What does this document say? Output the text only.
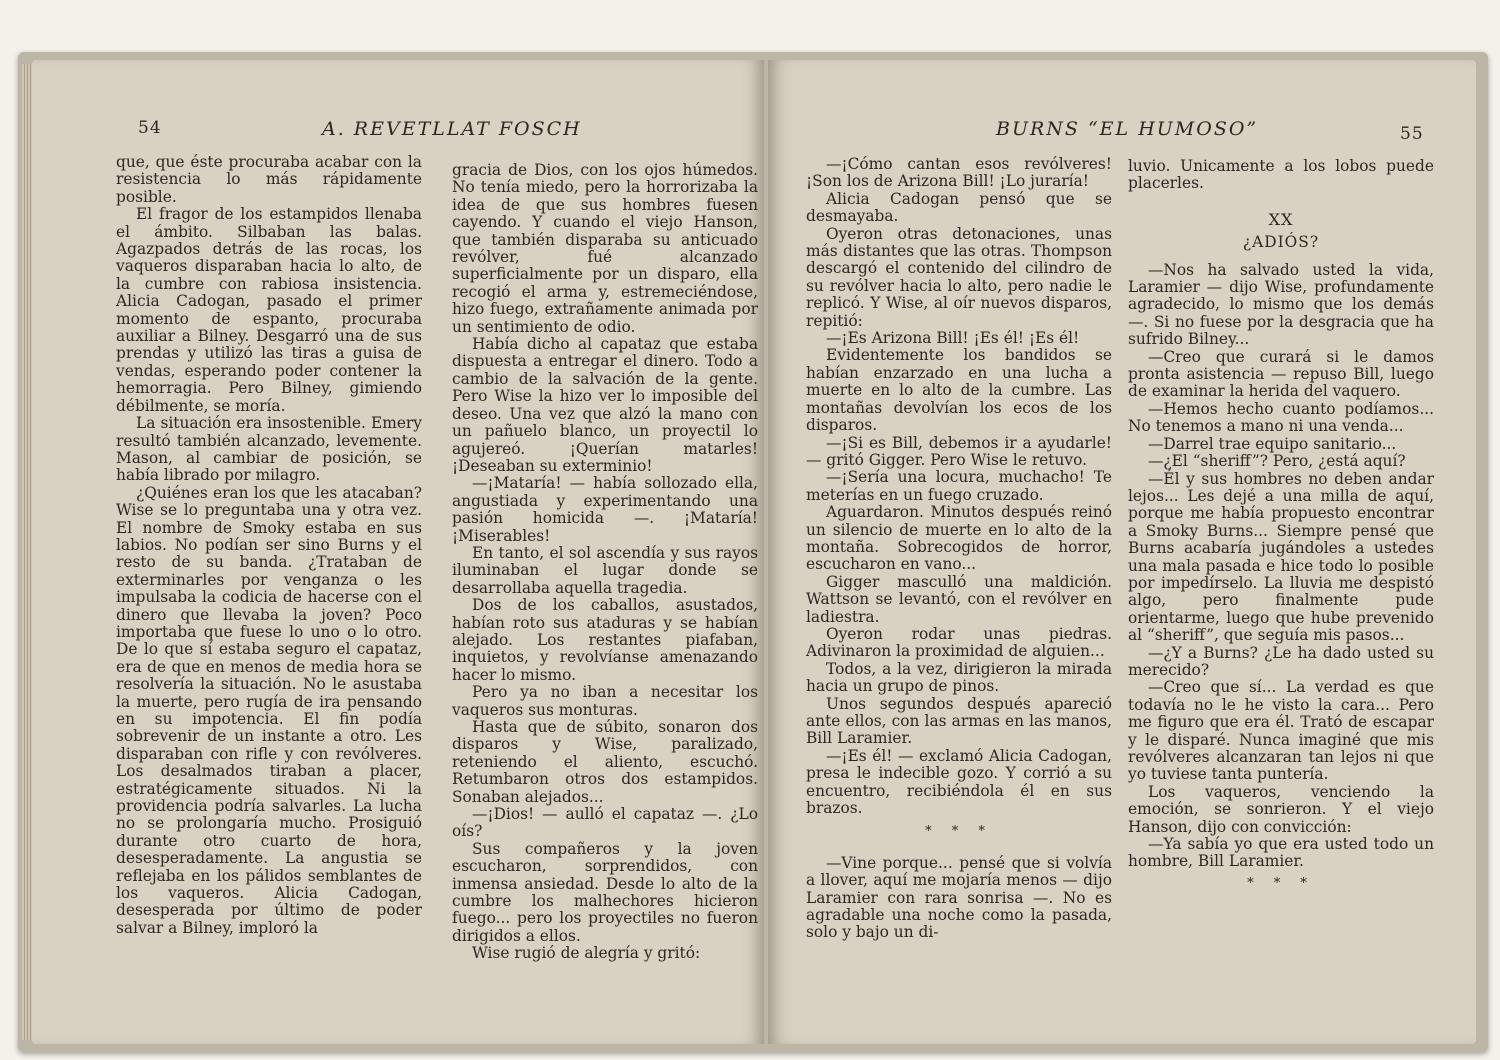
54	A. REVETLLAT FOSCH

que, que éste procuraba acabar con la resistencia lo más rápidamente posible.

El fragor de los estampidos llenaba el ámbito. Silbaban las balas. Agazpados detrás de las rocas, los vaqueros disparaban hacia lo alto, de la cumbre con rabiosa insistencia. Alicia Cadogan, pasado el primer momento de espanto, procuraba auxiliar a Bilney. Desgarró una de sus prendas y utilizó las tiras a guisa de vendas, esperando poder contener la hemorragia. Pero Bilney, gimiendo débilmente, se moría.

La situación era insostenible. Emery resultó también alcanzado, levemente. Mason, al cambiar de posición, se había librado por milagro.

¿Quiénes eran los que les atacaban? Wise se lo preguntaba una y otra vez. El nombre de Smoky estaba en sus labios. No podían ser sino Burns y el resto de su banda. ¿Trataban de exterminarles por venganza o les impulsaba la codicia de hacerse con el dinero que llevaba la joven? Poco importaba que fuese lo uno o lo otro. De lo que sí estaba seguro el capataz, era de que en menos de media hora se resolvería la situación. No le asustaba la muerte, pero rugía de ira pensando en su impotencia. El fin podía sobrevenir de un instante a otro. Les disparaban con rifle y con revólveres. Los desalmados tiraban a placer, estratégicamente situados. Ni la providencia podría salvarles. La lucha no se prolongaría mucho. Prosiguió durante otro cuarto de hora, desesperadamente. La angustia se reflejaba en los pálidos semblantes de los vaqueros. Alicia Cadogan, desesperada por último de poder salvar a Bilney, imploró la

gracia de Dios, con los ojos húmedos. No tenía miedo, pero la horrorizaba la idea de que sus hombres fuesen cayendo. Y cuando el viejo Hanson, que también disparaba su anticuado revólver, fué alcanzado superficialmente por un disparo, ella recogió el arma y, estremeciéndose, hizo fuego, extrañamente animada por un sentimiento de odio.

Había dicho al capataz que estaba dispuesta a entregar el dinero. Todo a cambio de la salvación de la gente. Pero Wise la hizo ver lo imposible del deseo. Una vez que alzó la mano con un pañuelo blanco, un proyectil lo agujereó. ¡Querían matarles! ¡Deseaban su exterminio!

—¡Mataría! — había sollozado ella, angustiada y experimentando una pasión homicida —. ¡Mataría! ¡Miserables!

En tanto, el sol ascendía y sus rayos iluminaban el lugar donde se desarrollaba aquella tragedia.

Dos de los caballos, asustados, habían roto sus ataduras y se habían alejado. Los restantes piafaban, inquietos, y revolvíanse amenazando hacer lo mismo.

Pero ya no iban a necesitar los vaqueros sus monturas.

Hasta que de súbito, sonaron dos disparos y Wise, paralizado, reteniendo el aliento, escuchó. Retumbaron otros dos estampidos. Sonaban alejados...

—¡Dios! — aulló el capataz —. ¿Lo oís?

Sus compañeros y la joven escucharon, sorprendidos, con inmensa ansiedad. Desde lo alto de la cumbre los malhechores hicieron fuego... pero los proyectiles no fueron dirigidos a ellos.

Wise rugió de alegría y gritó:

BURNS “EL HUMOSO”	55

—¡Cómo cantan esos revólveres! ¡Son los de Arizona Bill! ¡Lo juraría!

Alicia Cadogan pensó que se desmayaba.

Oyeron otras detonaciones, unas más distantes que las otras. Thompson descargó el contenido del cilindro de su revólver hacia lo alto, pero nadie le replicó. Y Wise, al oír nuevos disparos, repitió:

—¡Es Arizona Bill! ¡Es él! ¡Es él!

Evidentemente los bandidos se habían enzarzado en una lucha a muerte en lo alto de la cumbre. Las montañas devolvían los ecos de los disparos.

—¡Si es Bill, debemos ir a ayudarle! — gritó Gigger. Pero Wise le retuvo.

—¡Sería una locura, muchacho! Te meterías en un fuego cruzado.

Aguardaron. Minutos después reinó un silencio de muerte en lo alto de la montaña. Sobrecogidos de horror, escucharon en vano...

Gigger masculló una maldición. Wattson se levantó, con el revólver en ladiestra.

Oyeron rodar unas piedras. Adivinaron la proximidad de alguien...

Todos, a la vez, dirigieron la mirada hacia un grupo de pinos.

Unos segundos después apareció ante ellos, con las armas en las manos, Bill Laramier.

—¡Es él! — exclamó Alicia Cadogan, presa le indecible gozo. Y corrió a su encuentro, recibiéndola él en sus brazos.

* * *

—Vine porque... pensé que si volvía a llover, aquí me mojaría menos — dijo Laramier con rara sonrisa —. No es agradable una noche como la pasada, solo y bajo un di-

luvio. Unicamente a los lobos puede placerles.

XX
¿ADIÓS?

—Nos ha salvado usted la vida, Laramier — dijo Wise, profundamente agradecido, lo mismo que los demás —. Si no fuese por la desgracia que ha sufrido Bilney...

—Creo que curará si le damos pronta asistencia — repuso Bill, luego de examinar la herida del vaquero.

—Hemos hecho cuanto podíamos... No tenemos a mano ni una venda...

—Darrel trae equipo sanitario...

—¿El “sheriff”? Pero, ¿está aquí?

—Él y sus hombres no deben andar lejos... Les dejé a una milla de aquí, porque me había propuesto encontrar a Smoky Burns... Siempre pensé que Burns acabaría jugándoles a ustedes una mala pasada e hice todo lo posible por impedírselo. La lluvia me despistó algo, pero finalmente pude orientarme, luego que hube prevenido al “sheriff”, que seguía mis pasos...

—¿Y a Burns? ¿Le ha dado usted su merecido?

—Creo que sí... La verdad es que todavía no le he visto la cara... Pero me figuro que era él. Trató de escapar y le disparé. Nunca imaginé que mis revólveres alcanzaran tan lejos ni que yo tuviese tanta puntería.

Los vaqueros, venciendo la emoción, se sonrieron. Y el viejo Hanson, dijo con convicción:

—Ya sabía yo que era usted todo un hombre, Bill Laramier.

* * *
